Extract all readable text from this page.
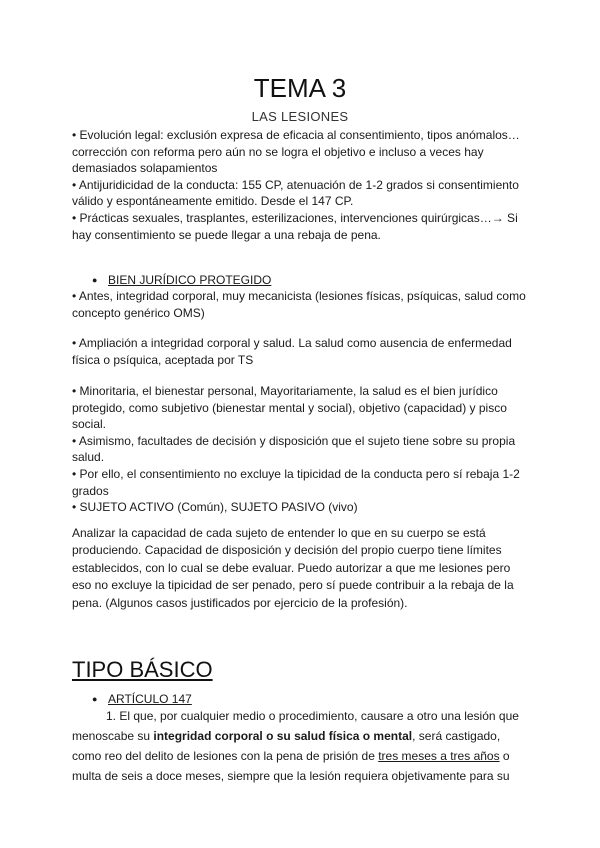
TEMA 3
LAS LESIONES

• Evolución legal: exclusión expresa de eficacia al consentimiento, tipos anómalos… corrección con reforma pero aún no se logra el objetivo e incluso a veces hay demasiados solapamientos

• Antijuridicidad de la conducta: 155 CP, atenuación de 1-2 grados si consentimiento válido y espontáneamente emitido. Desde el 147 CP.

• Prácticas sexuales, trasplantes, esterilizaciones, intervenciones quirúrgicas…→ Si hay consentimiento se puede llegar a una rebaja de pena.

● BIEN JURÍDICO PROTEGIDO

• Antes, integridad corporal, muy mecanicista (lesiones físicas, psíquicas, salud como concepto genérico OMS)

• Ampliación a integridad corporal y salud. La salud como ausencia de enfermedad física o psíquica, aceptada por TS

• Minoritaria, el bienestar personal, Mayoritariamente, la salud es el bien jurídico protegido, como subjetivo (bienestar mental y social), objetivo (capacidad) y pisco social.

• Asimismo, facultades de decisión y disposición que el sujeto tiene sobre su propia salud.

• Por ello, el consentimiento no excluye la tipicidad de la conducta pero sí rebaja 1-2 grados

• SUJETO ACTIVO (Común), SUJETO PASIVO (vivo)

Analizar la capacidad de cada sujeto de entender lo que en su cuerpo se está produciendo. Capacidad de disposición y decisión del propio cuerpo tiene límites establecidos, con lo cual se debe evaluar. Puedo autorizar a que me lesiones pero eso no excluye la tipicidad de ser penado, pero sí puede contribuir a la rebaja de la pena. (Algunos casos justificados por ejercicio de la profesión).

TIPO BÁSICO
● ARTÍCULO 147

1. El que, por cualquier medio o procedimiento, causare a otro una lesión que menoscabe su integridad corporal o su salud física o mental, será castigado, como reo del delito de lesiones con la pena de prisión de tres meses a tres años o multa de seis a doce meses, siempre que la lesión requiera objetivamente para su
